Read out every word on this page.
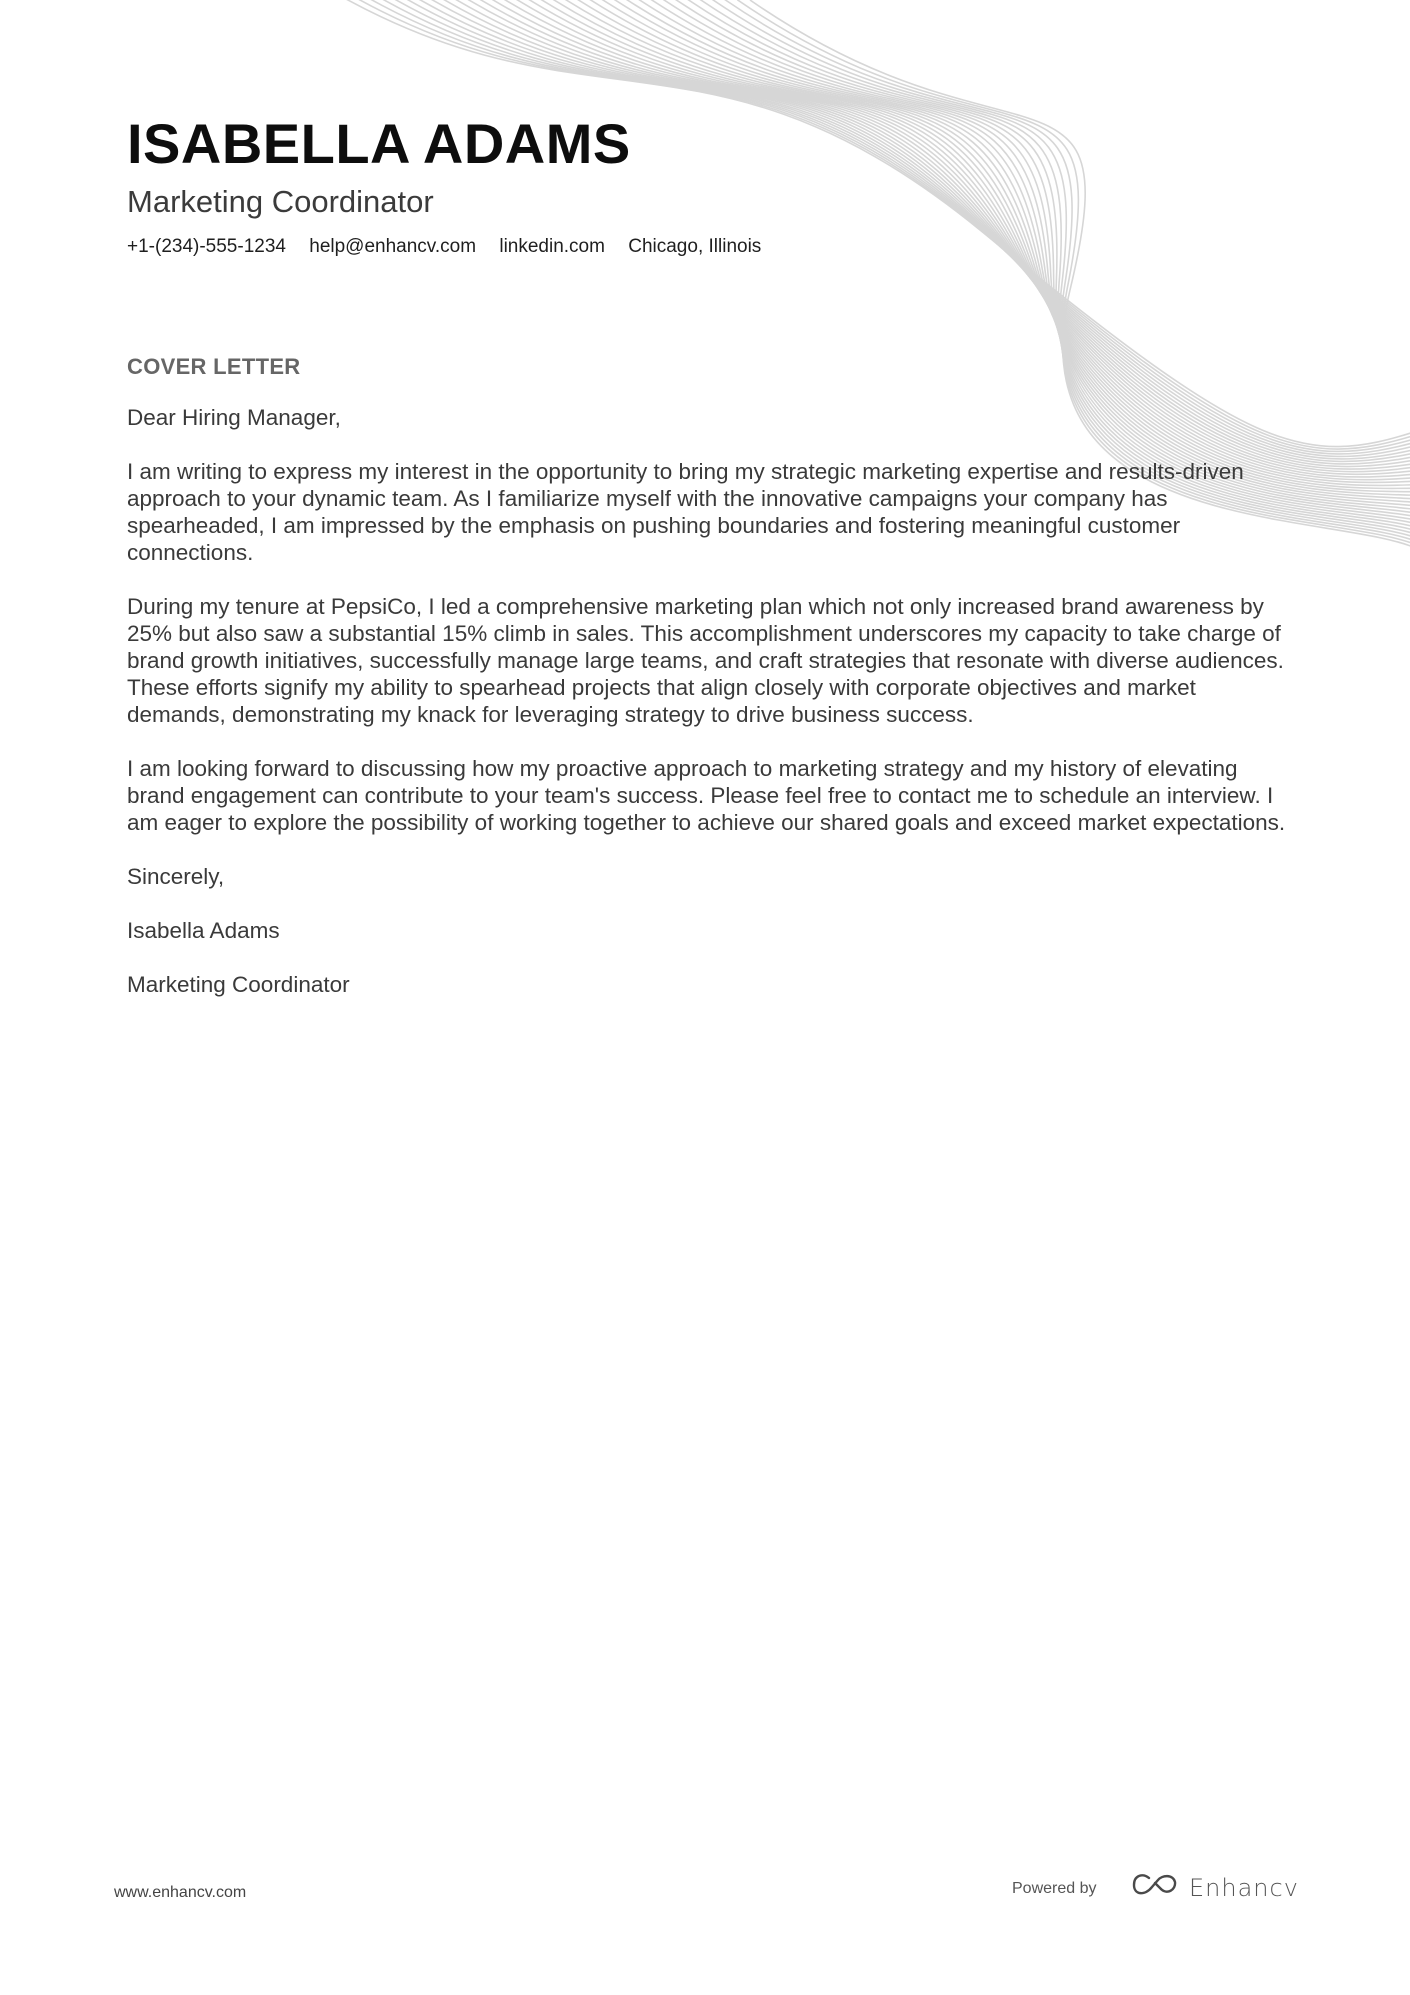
ISABELLA ADAMS
Marketing Coordinator
+1-(234)-555-1234 help@enhancv.com linkedin.com Chicago, Illinois
COVER LETTER

Dear Hiring Manager,

I am writing to express my interest in the opportunity to bring my strategic marketing expertise and results-driven approach to your dynamic team. As I familiarize myself with the innovative campaigns your company has spearheaded, I am impressed by the emphasis on pushing boundaries and fostering meaningful customer connections.

During my tenure at PepsiCo, I led a comprehensive marketing plan which not only increased brand awareness by 25% but also saw a substantial 15% climb in sales. This accomplishment underscores my capacity to take charge of brand growth initiatives, successfully manage large teams, and craft strategies that resonate with diverse audiences. These efforts signify my ability to spearhead projects that align closely with corporate objectives and market demands, demonstrating my knack for leveraging strategy to drive business success.

I am looking forward to discussing how my proactive approach to marketing strategy and my history of elevating brand engagement can contribute to your team's success. Please feel free to contact me to schedule an interview. I am eager to explore the possibility of working together to achieve our shared goals and exceed market expectations.

Sincerely,

Isabella Adams

Marketing Coordinator

www.enhancv.com	Powered by	Enhancv
